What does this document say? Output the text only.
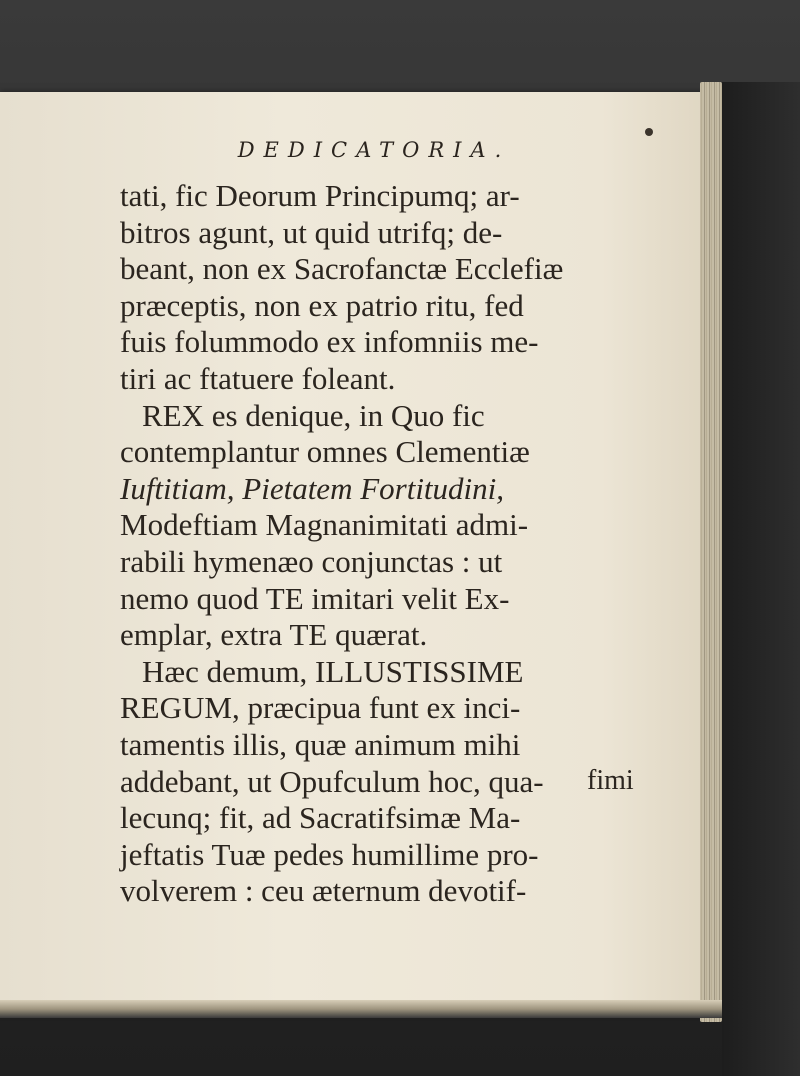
DEDICATORIA.
tati, fic Deorum Principumq; ar-
bitros agunt, ut quid utrifq; de-
beant, non ex Sacrofanctæ Ecclefiæ
præceptis, non ex patrio ritu, fed
fuis folummodo ex infomniis me-
tiri ac ftatuere foleant.
REX es denique, in Quo fic
contemplantur omnes Clementiæ
Iuftitiam, Pietatem Fortitudini,
Modeftiam Magnanimitati admi-
rabili hymenæo conjunctas : ut
nemo quod TE imitari velit Ex-
emplar, extra TE quærat.
Hæc demum, ILLUSTISSIME
REGUM, præcipua funt ex inci-
tamentis illis, quæ animum mihi
addebant, ut Opufculum hoc, qua-
lecunq; fit, ad Sacratifsimæ Ma-
jeftatis Tuæ pedes humillime pro-
volverem : ceu æternum devotif-
fimi
